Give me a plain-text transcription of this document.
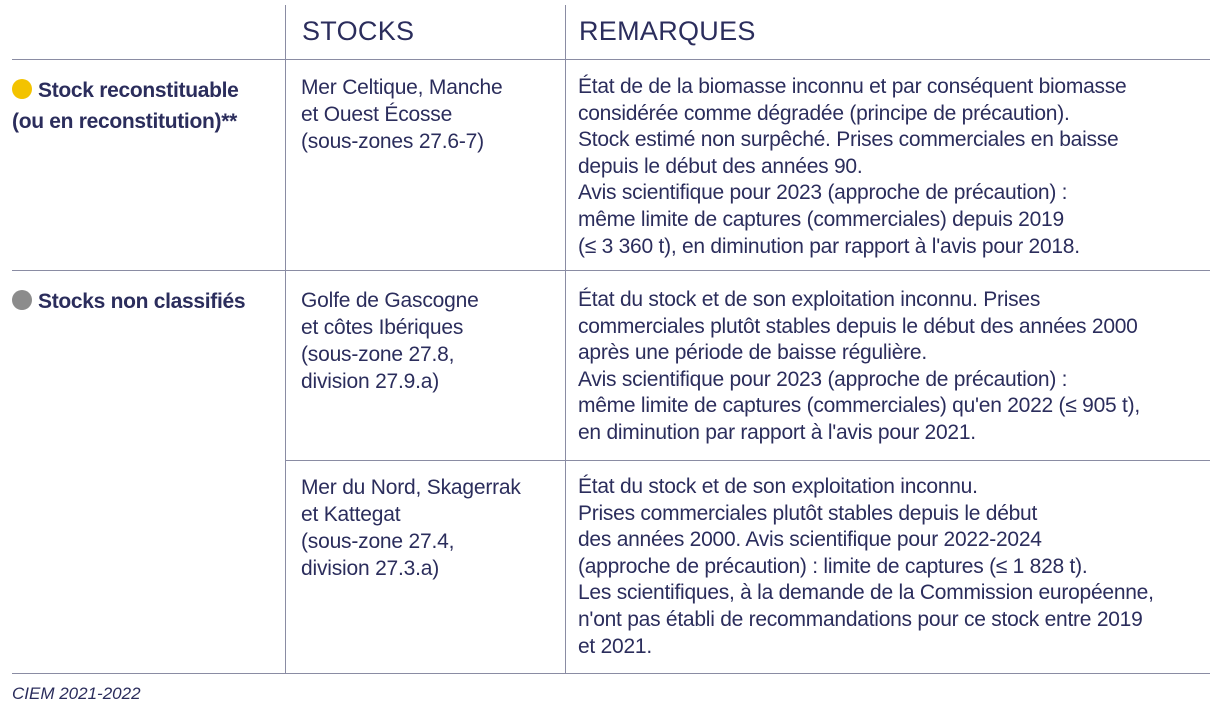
STOCKS	REMARQUES
Stock reconstituable
(ou en reconstitution)**
Mer Celtique, Manche
et Ouest Écosse
(sous-zones 27.6-7)
État de de la biomasse inconnu et par conséquent biomasse
considérée comme dégradée (principe de précaution).
Stock estimé non surpêché. Prises commerciales en baisse
depuis le début des années 90.
Avis scientifique pour 2023 (approche de précaution) :
même limite de captures (commerciales) depuis 2019
(≤ 3 360 t), en diminution par rapport à l'avis pour 2018.
Stocks non classifiés	Golfe de Gascogne
et côtes Ibériques
(sous-zone 27.8,
division 27.9.a)
État du stock et de son exploitation inconnu. Prises
commerciales plutôt stables depuis le début des années 2000
après une période de baisse régulière.
Avis scientifique pour 2023 (approche de précaution) :
même limite de captures (commerciales) qu'en 2022 (≤ 905 t),
en diminution par rapport à l'avis pour 2021.
Mer du Nord, Skagerrak
et Kattegat
(sous-zone 27.4,
division 27.3.a)
État du stock et de son exploitation inconnu.
Prises commerciales plutôt stables depuis le début
des années 2000. Avis scientifique pour 2022-2024
(approche de précaution) : limite de captures (≤ 1 828 t).
Les scientifiques, à la demande de la Commission européenne,
n'ont pas établi de recommandations pour ce stock entre 2019
et 2021.
CIEM 2021-2022
